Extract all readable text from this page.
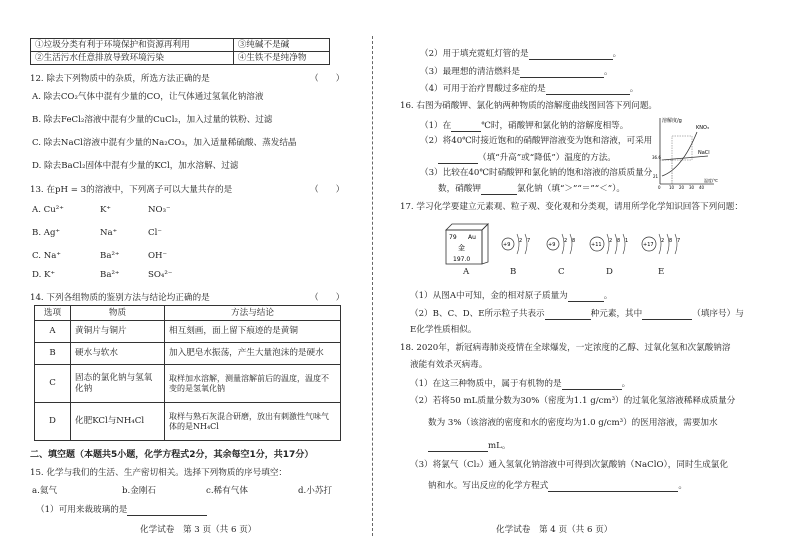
①垃圾分类有利于环境保护和资源再利用	③纯碱不是碱
②生活污水任意排放导致环境污染	④生铁不是纯净物
12. 除去下列物质中的杂质，所选方法正确的是	（　　）
A. 除去CO₂气体中混有少量的CO，让气体通过氢氧化钠溶液
B. 除去FeCl₂溶液中混有少量的CuCl₂，加入过量的铁粉、过滤
C. 除去NaCl溶液中混有少量的Na₂CO₃，加入适量稀硫酸、蒸发结晶
D. 除去BaCl₂固体中混有少量的KCl，加水溶解、过滤
13. 在pH = 3的溶液中，下列离子可以大量共存的是	（　　）
A. Cu²⁺	K⁺	NO₃⁻
B. Ag⁺	Na⁺	Cl⁻
C. Na⁺	Ba²⁺	OH⁻
D. K⁺	Ba²⁺	SO₄²⁻
14. 下列各组物质的鉴别方法与结论均正确的是	（　　）
选项	物质	方法与结论
A	黄铜片与铜片	相互刻画，面上留下痕迹的是黄铜
B	硬水与软水	加入肥皂水振荡，产生大量泡沫的是硬水
C	固态的氯化钠与氢氧化钠	取样加水溶解，测量溶解前后的温度，温度不变的是氢氧化钠
D	化肥KCl与NH₄Cl	取样与熟石灰混合研磨，放出有刺激性气味气体的是NH₄Cl
二、填空题（本题共5小题，化学方程式2分，其余每空1分，共17分）
15. 化学与我们的生活、生产密切相关。选择下列物质的序号填空：
a.氦气	b.金刚石	c.稀有气体	d.小苏打
（1）可用来裁玻璃的是
化学试卷　第 3 页（共 6 页）
（2）用于填充霓虹灯管的是	。
（3）最理想的清洁燃料是	。
（4）可用于治疗胃酸过多症的是	。
16. 右图为硝酸钾、氯化钠两种物质的溶解度曲线图回答下列问题。
（1）在	℃时，硝酸钾和氯化钠的溶解度相等。
（2）将40℃时接近饱和的硝酸钾溶液变为饱和溶液，可采用
（填“升高”或“降低”）温度的方法。
（3）比较在40℃时硝酸钾和氯化钠的饱和溶液的溶质质量分
数，硝酸钾	氯化钠（填“＞”“＝”“＜”）。
溶解度/g
KNO₃
NaCl
36.6
21
0 10 20 30 40
温度/℃
17. 学习化学要建立元素观、粒子观、变化观和分类观，请用所学化学知识回答下列问题：
79 Au
金
197.0
+9
2 7
+9
2 8
+11
2 8 1
+17
2 8 7
A	B	C	D	E
（1）从图A中可知，金的相对原子质量为	。
（2）B、C、D、E所示粒子共表示	种元素，其中	（填序号）与
E化学性质相似。
18. 2020年，新冠病毒肺炎疫情在全球爆发，一定浓度的乙醇、过氧化氢和次氯酸钠溶
液能有效杀灭病毒。
（1）在这三种物质中，属于有机物的是	。
（2）若将50 mL质量分数为30%（密度为1.1 g/cm³）的过氧化氢溶液稀释成质量分
数为 3%（该溶液的密度和水的密度均为1.0 g/cm³）的医用溶液，需要加水
mL。
（3）将氯气（Cl₂）通入氢氧化钠溶液中可得到次氯酸钠（NaClO），同时生成氯化
钠和水。写出反应的化学方程式	。
化学试卷　第 4 页（共 6 页）
